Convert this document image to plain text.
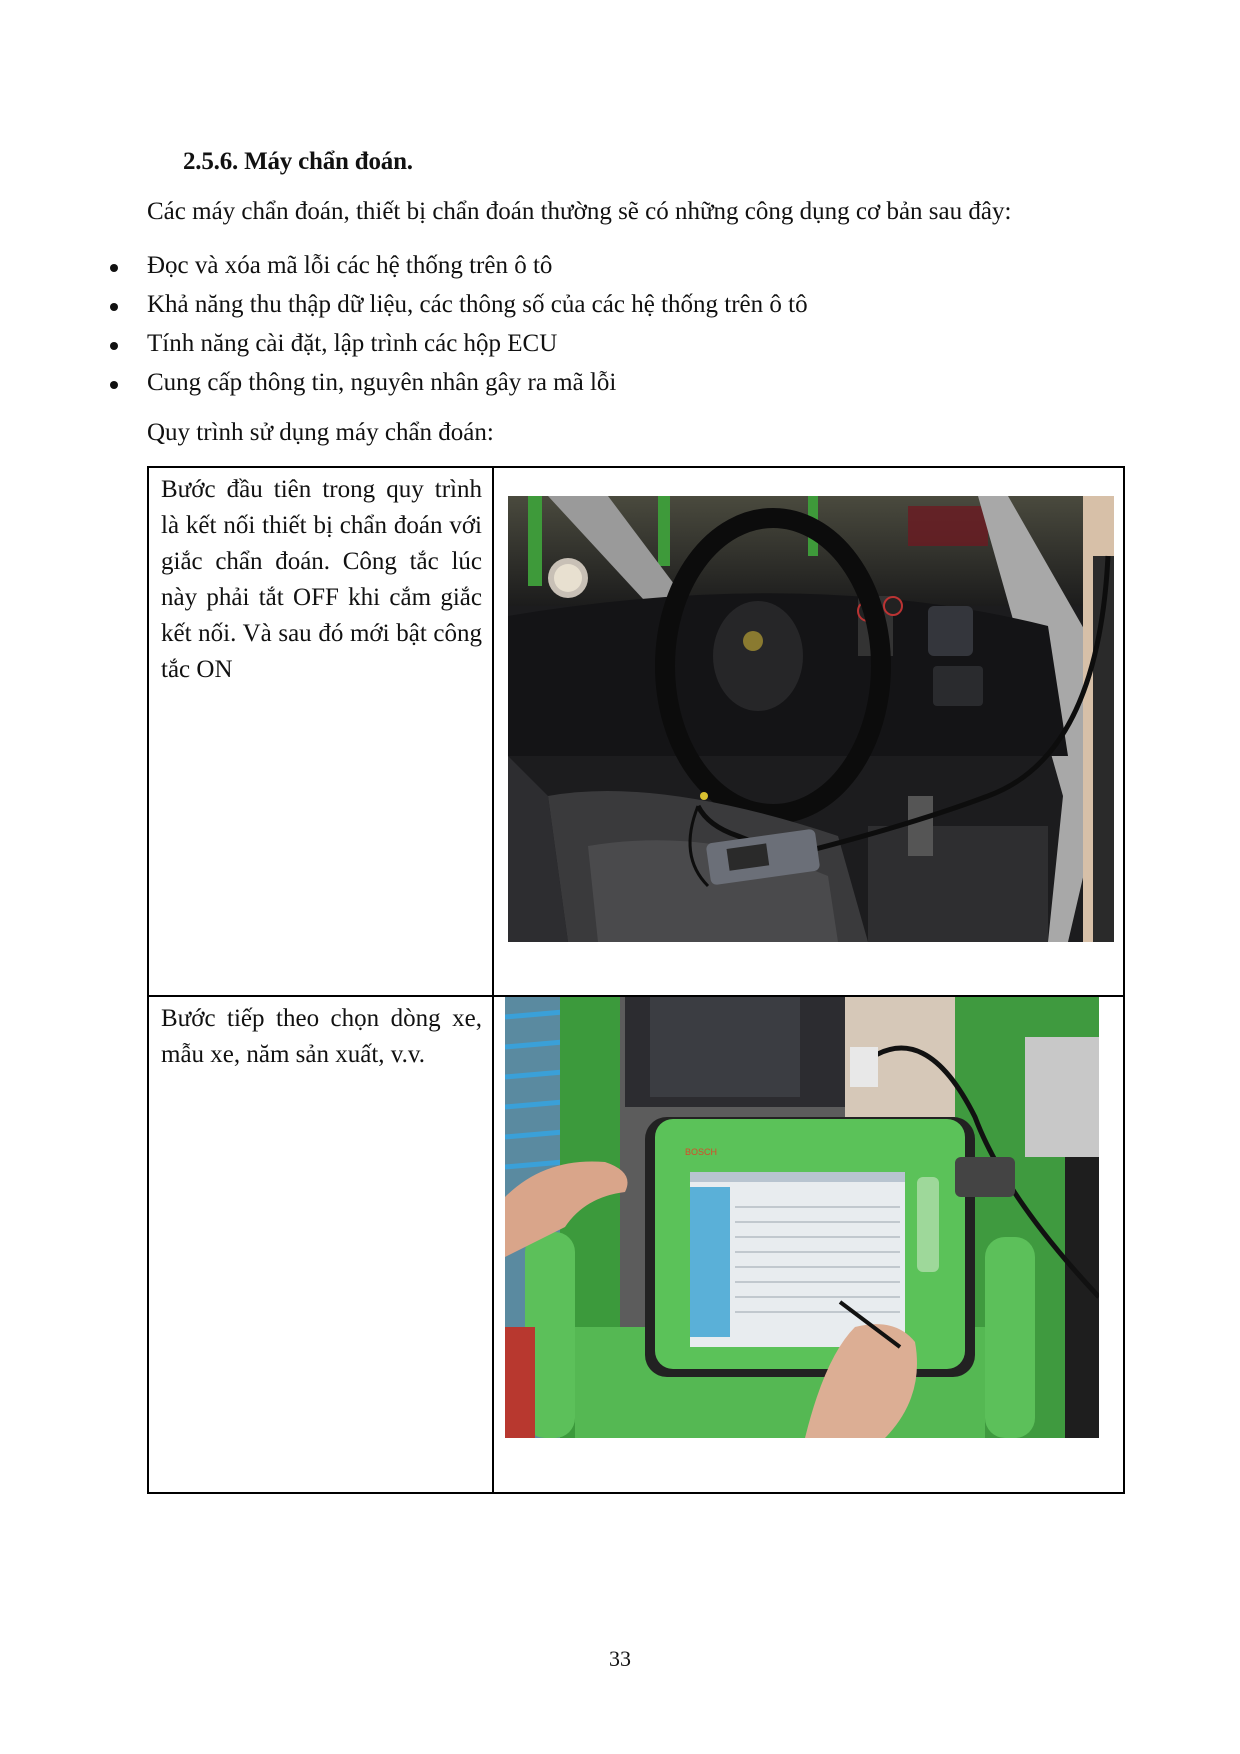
2.5.6. Máy chẩn đoán.
Các máy chẩn đoán, thiết bị chẩn đoán thường sẽ có những công dụng cơ bản sau đây:
Đọc và xóa mã lỗi các hệ thống trên ô tô
Khả năng thu thập dữ liệu, các thông số của các hệ thống trên ô tô
Tính năng cài đặt, lập trình các hộp ECU
Cung cấp thông tin, nguyên nhân gây ra mã lỗi
Quy trình sử dụng máy chẩn đoán:
Bước đầu tiên trong quy trình là kết nối thiết bị chẩn đoán với giắc chẩn đoán. Công tắc lúc này phải tắt OFF khi cắm giắc kết nối. Và sau đó mới bật công tắc ON

Bước tiếp theo chọn dòng xe, mẫu xe, năm sản xuất, v.v.	BOSCH
33
